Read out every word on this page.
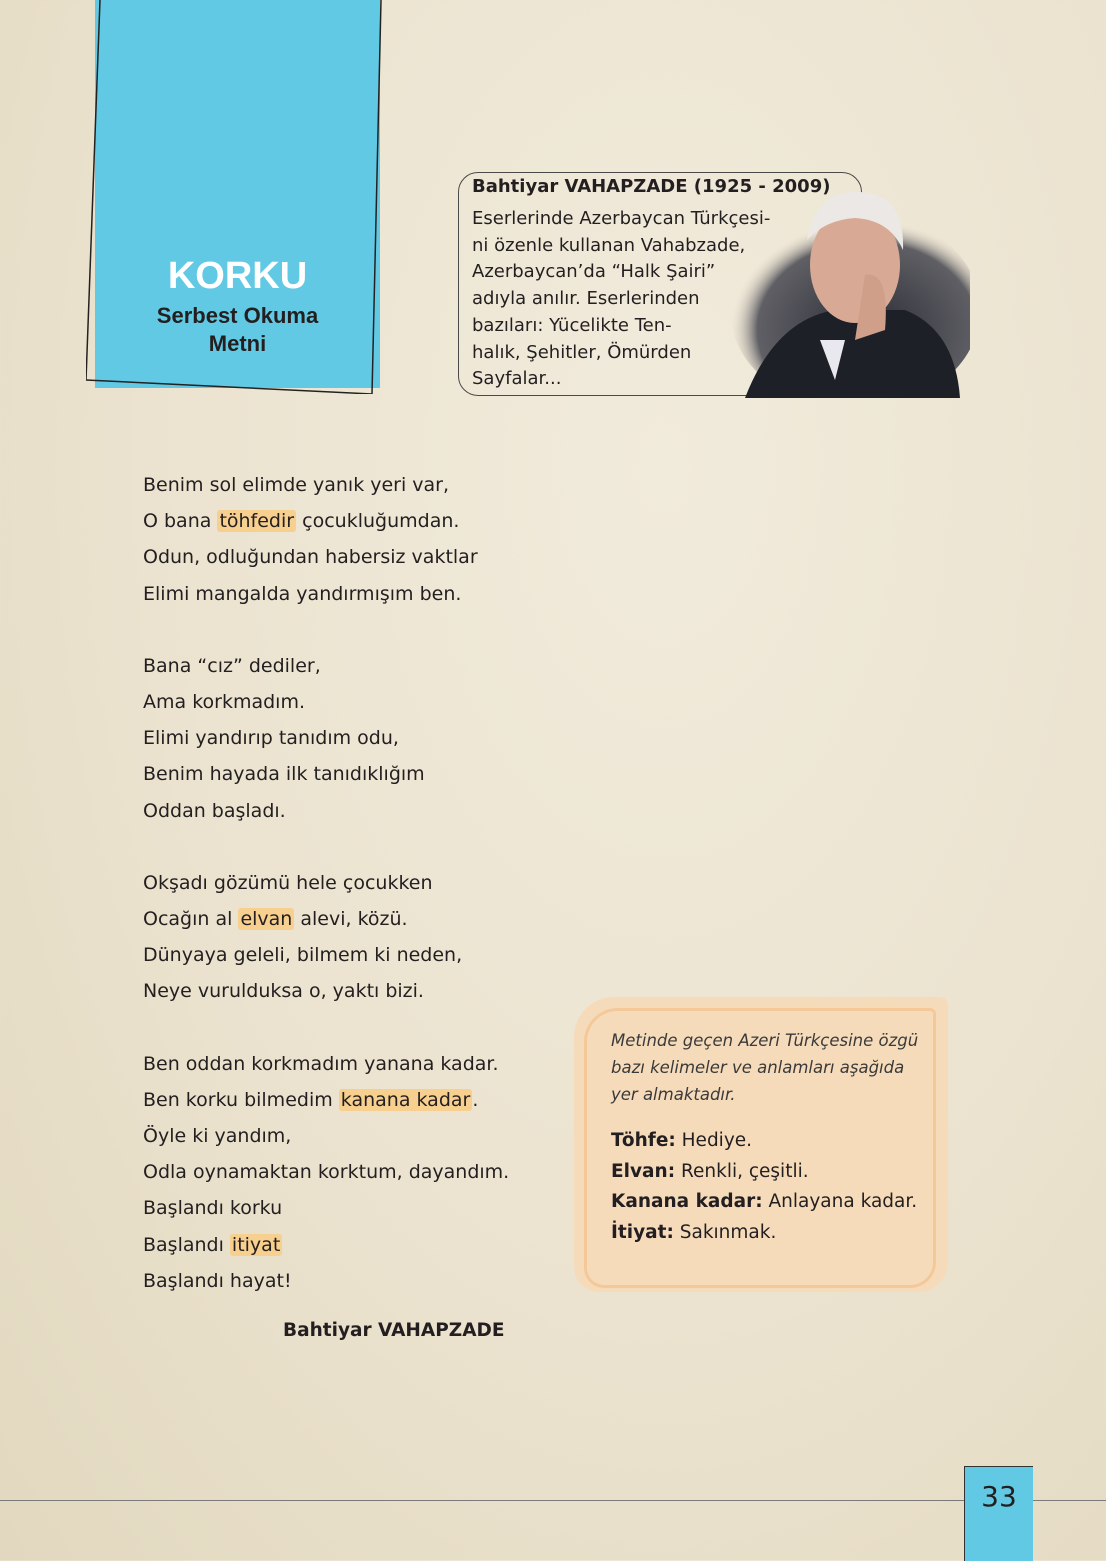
KORKU
Serbest Okuma
Metni
Bahtiyar VAHAPZADE (1925 - 2009)
Eserlerinde Azerbaycan Türkçesi-
ni özenle kullanan Vahabzade,
Azerbaycan’da “Halk Şairi”
adıyla anılır. Eserlerinden
bazıları: Yücelikte Ten-
halık, Şehitler, Ömürden
Sayfalar...
Benim sol elimde yanık yeri var,
O bana töhfedir çocukluğumdan.
Odun, odluğundan habersiz vaktlar
Elimi mangalda yandırmışım ben.
Bana “cız” dediler,
Ama korkmadım.
Elimi yandırıp tanıdım odu,
Benim hayada ilk tanıdıklığım
Oddan başladı.
Okşadı gözümü hele çocukken
Ocağın al elvan alevi, közü.
Dünyaya geleli, bilmem ki neden,
Neye vurulduksa o, yaktı bizi.
Ben oddan korkmadım yanana kadar.
Ben korku bilmedim kanana kadar .
Öyle ki yandım,
Odla oynamaktan korktum, dayandım.
Başlandı korku
Başlandı itiyat
Başlandı hayat!
Bahtiyar VAHAPZADE
Metinde geçen Azeri Türkçesine özgü bazı kelimeler ve anlamları aşağıda yer almaktadır.
Töhfe: Hediye.
Elvan: Renkli, çeşitli.
Kanana kadar: Anlayana kadar.
İtiyat: Sakınmak.
33
